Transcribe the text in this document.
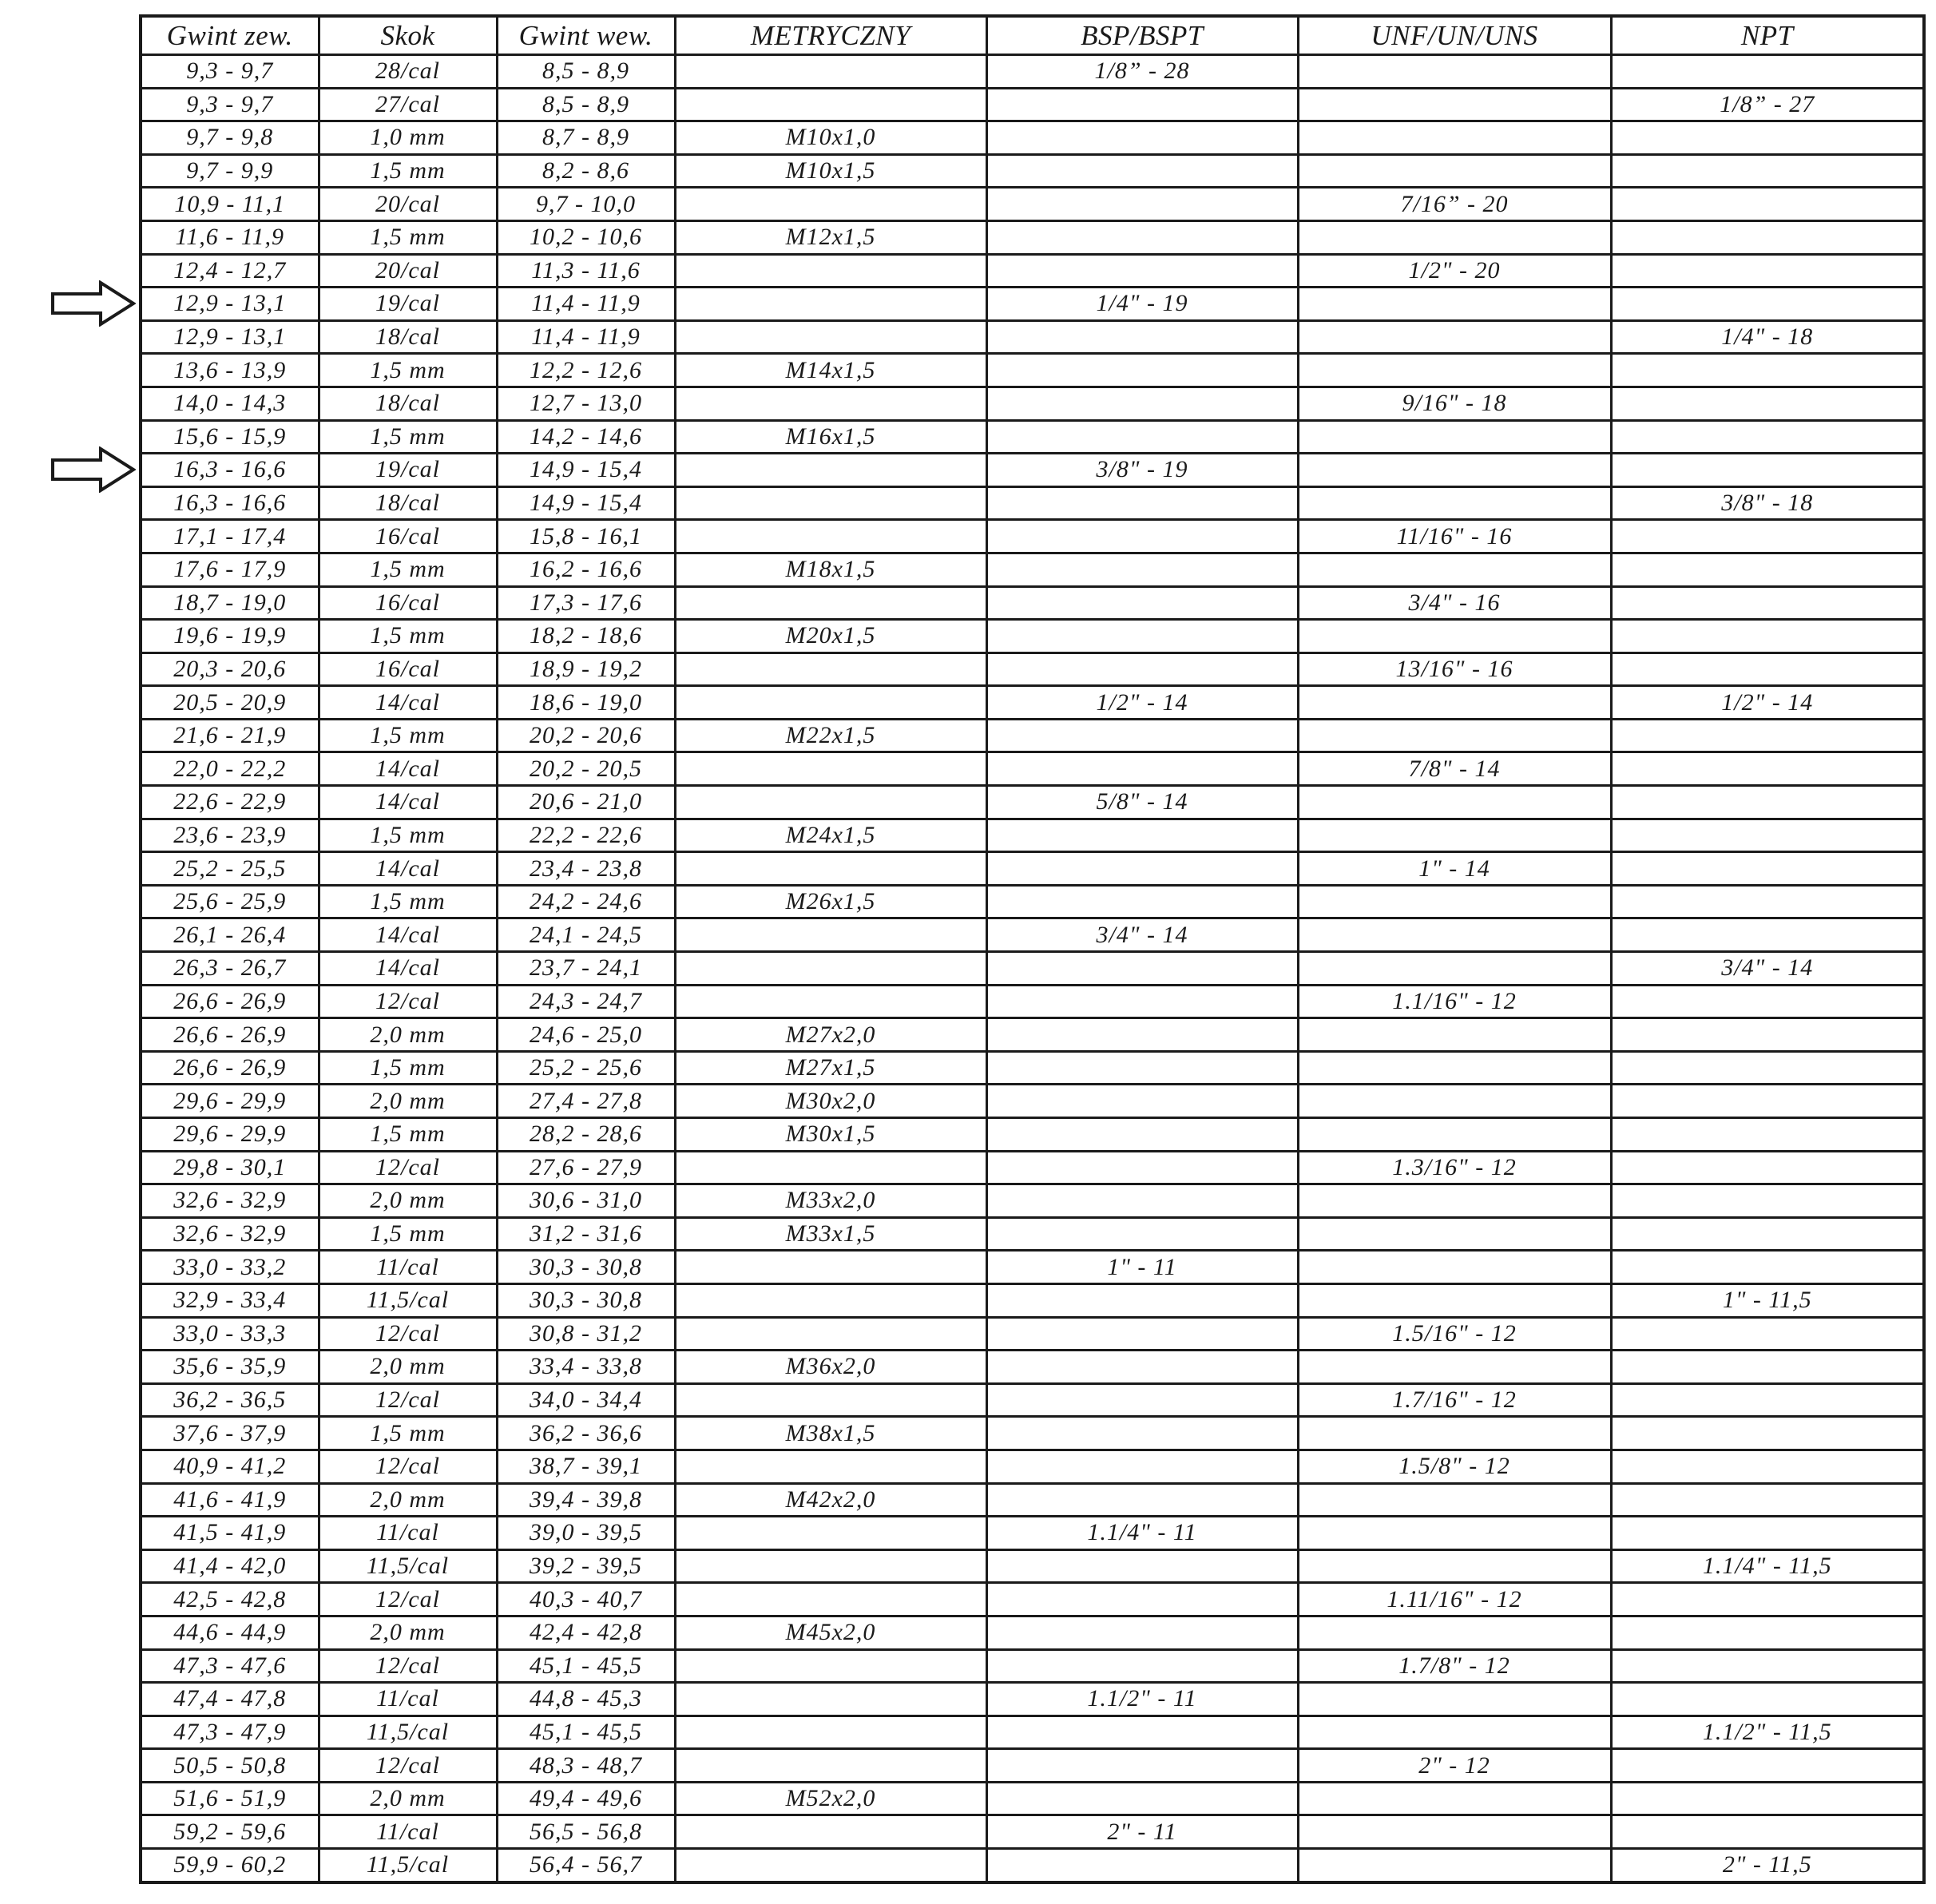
Gwint zew.	Skok	Gwint wew.	METRYCZNY	BSP/BSPT	UNF/UN/UNS	NPT
9,3 - 9,7	28/cal	8,5 - 8,9		1/8” - 28		
9,3 - 9,7	27/cal	8,5 - 8,9				1/8” - 27
9,7 - 9,8	1,0 mm	8,7 - 8,9	M10x1,0			
9,7 - 9,9	1,5 mm	8,2 - 8,6	M10x1,5			
10,9 - 11,1	20/cal	9,7 - 10,0			7/16” - 20	
11,6 - 11,9	1,5 mm	10,2 - 10,6	M12x1,5			
12,4 - 12,7	20/cal	11,3 - 11,6			1/2" - 20	
12,9 - 13,1	19/cal	11,4 - 11,9		1/4" - 19		
12,9 - 13,1	18/cal	11,4 - 11,9				1/4" - 18
13,6 - 13,9	1,5 mm	12,2 - 12,6	M14x1,5			
14,0 - 14,3	18/cal	12,7 - 13,0			9/16" - 18	
15,6 - 15,9	1,5 mm	14,2 - 14,6	M16x1,5			
16,3 - 16,6	19/cal	14,9 - 15,4		3/8" - 19		
16,3 - 16,6	18/cal	14,9 - 15,4				3/8" - 18
17,1 - 17,4	16/cal	15,8 - 16,1			11/16" - 16	
17,6 - 17,9	1,5 mm	16,2 - 16,6	M18x1,5			
18,7 - 19,0	16/cal	17,3 - 17,6			3/4" - 16	
19,6 - 19,9	1,5 mm	18,2 - 18,6	M20x1,5			
20,3 - 20,6	16/cal	18,9 - 19,2			13/16" - 16	
20,5 - 20,9	14/cal	18,6 - 19,0		1/2" - 14		1/2" - 14
21,6 - 21,9	1,5 mm	20,2 - 20,6	M22x1,5			
22,0 - 22,2	14/cal	20,2 - 20,5			7/8" - 14	
22,6 - 22,9	14/cal	20,6 - 21,0		5/8" - 14		
23,6 - 23,9	1,5 mm	22,2 - 22,6	M24x1,5			
25,2 - 25,5	14/cal	23,4 - 23,8			1" - 14	
25,6 - 25,9	1,5 mm	24,2 - 24,6	M26x1,5			
26,1 - 26,4	14/cal	24,1 - 24,5		3/4" - 14		
26,3 - 26,7	14/cal	23,7 - 24,1				3/4" - 14
26,6 - 26,9	12/cal	24,3 - 24,7			1.1/16" - 12	
26,6 - 26,9	2,0 mm	24,6 - 25,0	M27x2,0			
26,6 - 26,9	1,5 mm	25,2 - 25,6	M27x1,5			
29,6 - 29,9	2,0 mm	27,4 - 27,8	M30x2,0			
29,6 - 29,9	1,5 mm	28,2 - 28,6	M30x1,5			
29,8 - 30,1	12/cal	27,6 - 27,9			1.3/16" - 12	
32,6 - 32,9	2,0 mm	30,6 - 31,0	M33x2,0			
32,6 - 32,9	1,5 mm	31,2 - 31,6	M33x1,5			
33,0 - 33,2	11/cal	30,3 - 30,8		1" - 11		
32,9 - 33,4	11,5/cal	30,3 - 30,8				1" - 11,5
33,0 - 33,3	12/cal	30,8 - 31,2			1.5/16" - 12	
35,6 - 35,9	2,0 mm	33,4 - 33,8	M36x2,0			
36,2 - 36,5	12/cal	34,0 - 34,4			1.7/16" - 12	
37,6 - 37,9	1,5 mm	36,2 - 36,6	M38x1,5			
40,9 - 41,2	12/cal	38,7 - 39,1			1.5/8" - 12	
41,6 - 41,9	2,0 mm	39,4 - 39,8	M42x2,0			
41,5 - 41,9	11/cal	39,0 - 39,5		1.1/4" - 11		
41,4 - 42,0	11,5/cal	39,2 - 39,5				1.1/4" - 11,5
42,5 - 42,8	12/cal	40,3 - 40,7			1.11/16" - 12	
44,6 - 44,9	2,0 mm	42,4 - 42,8	M45x2,0			
47,3 - 47,6	12/cal	45,1 - 45,5			1.7/8" - 12	
47,4 - 47,8	11/cal	44,8 - 45,3		1.1/2" - 11		
47,3 - 47,9	11,5/cal	45,1 - 45,5				1.1/2" - 11,5
50,5 - 50,8	12/cal	48,3 - 48,7			2" - 12	
51,6 - 51,9	2,0 mm	49,4 - 49,6	M52x2,0			
59,2 - 59,6	11/cal	56,5 - 56,8		2" - 11		
59,9 - 60,2	11,5/cal	56,4 - 56,7				2" - 11,5
